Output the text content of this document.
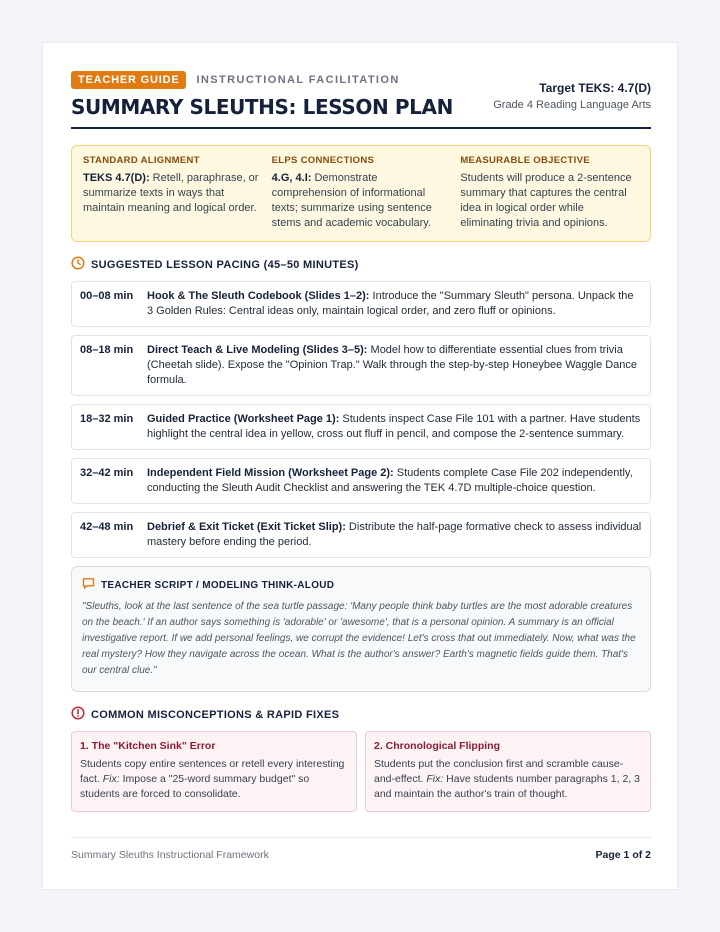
TEACHER GUIDE	INSTRUCTIONAL FACILITATION
SUMMARY SLEUTHS: LESSON PLAN
Target TEKS: 4.7(D)
Grade 4 Reading Language Arts
STANDARD ALIGNMENT
TEKS 4.7(D): Retell, paraphrase, or summarize texts in ways that maintain meaning and logical order.
ELPS CONNECTIONS
4.G, 4.I: Demonstrate comprehension of informational texts; summarize using sentence stems and academic vocabulary.
MEASURABLE OBJECTIVE
Students will produce a 2-sentence summary that captures the central idea in logical order while eliminating trivia and opinions.
SUGGESTED LESSON PACING (45–50 MINUTES)
00–08 min	Hook & The Sleuth Codebook (Slides 1–2): Introduce the "Summary Sleuth" persona. Unpack the 3 Golden Rules: Central ideas only, maintain logical order, and zero fluff or opinions.
08–18 min	Direct Teach & Live Modeling (Slides 3–5): Model how to differentiate essential clues from trivia (Cheetah slide). Expose the "Opinion Trap." Walk through the step-by-step Honeybee Waggle Dance formula.
18–32 min	Guided Practice (Worksheet Page 1): Students inspect Case File 101 with a partner. Have students highlight the central idea in yellow, cross out fluff in pencil, and compose the 2-sentence summary.
32–42 min	Independent Field Mission (Worksheet Page 2): Students complete Case File 202 independently, conducting the Sleuth Audit Checklist and answering the TEK 4.7D multiple-choice question.
42–48 min	Debrief & Exit Ticket (Exit Ticket Slip): Distribute the half-page formative check to assess individual mastery before ending the period.
TEACHER SCRIPT / MODELING THINK-ALOUD
"Sleuths, look at the last sentence of the sea turtle passage: 'Many people think baby turtles are the most adorable creatures on the beach.' If an author says something is 'adorable' or 'awesome', that is a personal opinion. A summary is an official investigative report. If we add personal feelings, we corrupt the evidence! Let's cross that out immediately. Now, what was the real mystery? How they navigate across the ocean. What is the author's answer? Earth's magnetic fields guide them. That's our central clue."
COMMON MISCONCEPTIONS & RAPID FIXES
1. The "Kitchen Sink" Error
Students copy entire sentences or retell every interesting fact. Fix: Impose a "25-word summary budget" so students are forced to consolidate.
2. Chronological Flipping
Students put the conclusion first and scramble cause-and-effect. Fix: Have students number paragraphs 1, 2, 3 and maintain the author's train of thought.
Summary Sleuths Instructional Framework	Page 1 of 2
